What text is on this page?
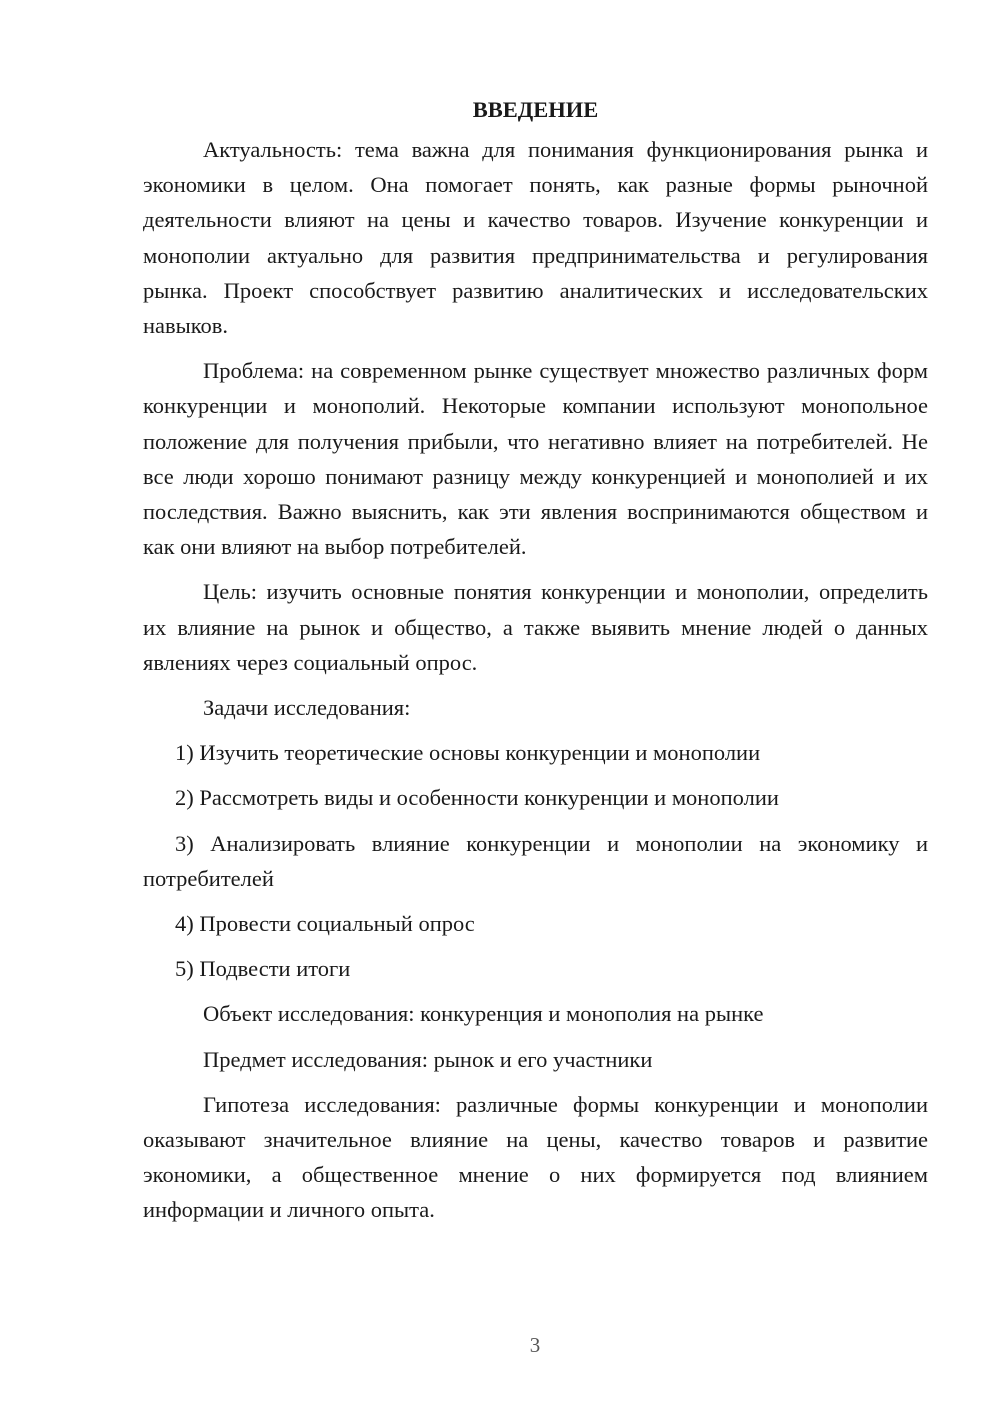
ВВЕДЕНИЕ

Актуальность: тема важна для понимания функционирования рынка и экономики в целом. Она помогает понять, как разные формы рыночной деятельности влияют на цены и качество товаров. Изучение конкуренции и монополии актуально для развития предпринимательства и регулирования рынка. Проект способствует развитию аналитических и исследовательских навыков.

Проблема: на современном рынке существует множество различных форм конкуренции и монополий. Некоторые компании используют монопольное положение для получения прибыли, что негативно влияет на потребителей. Не все люди хорошо понимают разницу между конкуренцией и монополией и их последствия. Важно выяснить, как эти явления воспринимаются обществом и как они влияют на выбор потребителей.

Цель: изучить основные понятия конкуренции и монополии, определить их влияние на рынок и общество, а также выявить мнение людей о данных явлениях через социальный опрос.

Задачи исследования:

1) Изучить теоретические основы конкуренции и монополии

2) Рассмотреть виды и особенности конкуренции и монополии

3) Анализировать влияние конкуренции и монополии на экономику и потребителей

4) Провести социальный опрос

5) Подвести итоги

Объект исследования: конкуренция и монополия на рынке

Предмет исследования: рынок и его участники

Гипотеза исследования: различные формы конкуренции и монополии оказывают значительное влияние на цены, качество товаров и развитие экономики, а общественное мнение о них формируется под влиянием информации и личного опыта.

3
